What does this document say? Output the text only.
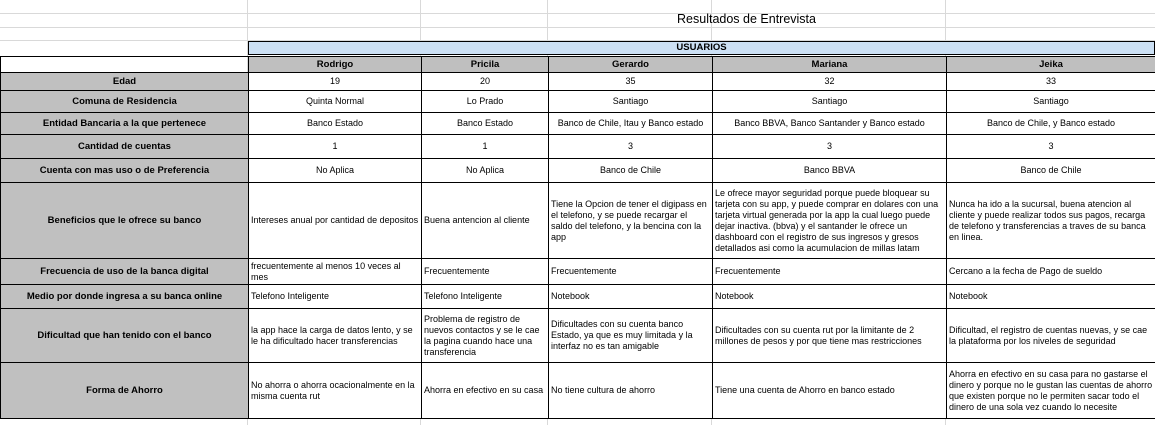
Resultados de Entrevista
USUARIOS
	Rodrigo	Pricila	Gerardo	Mariana	Jeika
Edad	19	20	35	32	33
Comuna de Residencia	Quinta Normal	Lo Prado	Santiago	Santiago	Santiago
Entidad Bancaria a la que pertenece	Banco Estado	Banco Estado	Banco de Chile, Itau y Banco estado	Banco BBVA, Banco Santander y Banco estado	Banco de Chile, y Banco estado
Cantidad de cuentas	1	1	3	3	3
Cuenta con mas uso o de Preferencia	No Aplica	No Aplica	Banco de Chile	Banco BBVA	Banco de Chile
Beneficios que le ofrece su banco	Intereses anual por cantidad de depositos	Buena antencion al cliente	Tiene la Opcion de tener el digipass en el telefono, y se puede recargar el saldo del telefono, y la bencina con la app	Le ofrece mayor seguridad porque puede bloquear su tarjeta con su app, y puede comprar en dolares con una tarjeta virtual generada por la app la cual luego puede dejar inactiva. (bbva) y el santander le ofrece un dashboard con el registro de sus ingresos y gresos detallados asi como la acumulacion de millas latam	Nunca ha ido a la sucursal, buena atencion al cliente y puede realizar todos sus pagos, recarga de telefono y transferencias a traves de su banca en linea.
Frecuencia de uso de la banca digital	frecuentemente al menos 10 veces al mes	Frecuentemente	Frecuentemente	Frecuentemente	Cercano a la fecha de Pago de sueldo
Medio por donde ingresa a su banca online	Telefono Inteligente	Telefono Inteligente	Notebook	Notebook	Notebook
Dificultad que han tenido con el banco	la app hace la carga de datos lento, y se le ha dificultado hacer transferencias	Problema de registro de nuevos contactos y se le cae la pagina cuando hace una transferencia	Dificultades con su cuenta banco Estado, ya que es muy limitada y la interfaz no es tan amigable	Dificultades con su cuenta rut por la limitante de 2 millones de pesos y por que tiene mas restricciones	Dificultad, el registro de cuentas nuevas, y se cae la plataforma por los niveles de seguridad
Forma de Ahorro	No ahorra o ahorra ocacionalmente en la misma cuenta rut	Ahorra en efectivo en su casa	No tiene cultura de ahorro	Tiene una cuenta de Ahorro en banco estado	Ahorra en efectivo en su casa para no gastarse el dinero y porque no le gustan las cuentas de ahorro que existen porque no le permiten sacar todo el dinero de una sola vez cuando lo necesite
